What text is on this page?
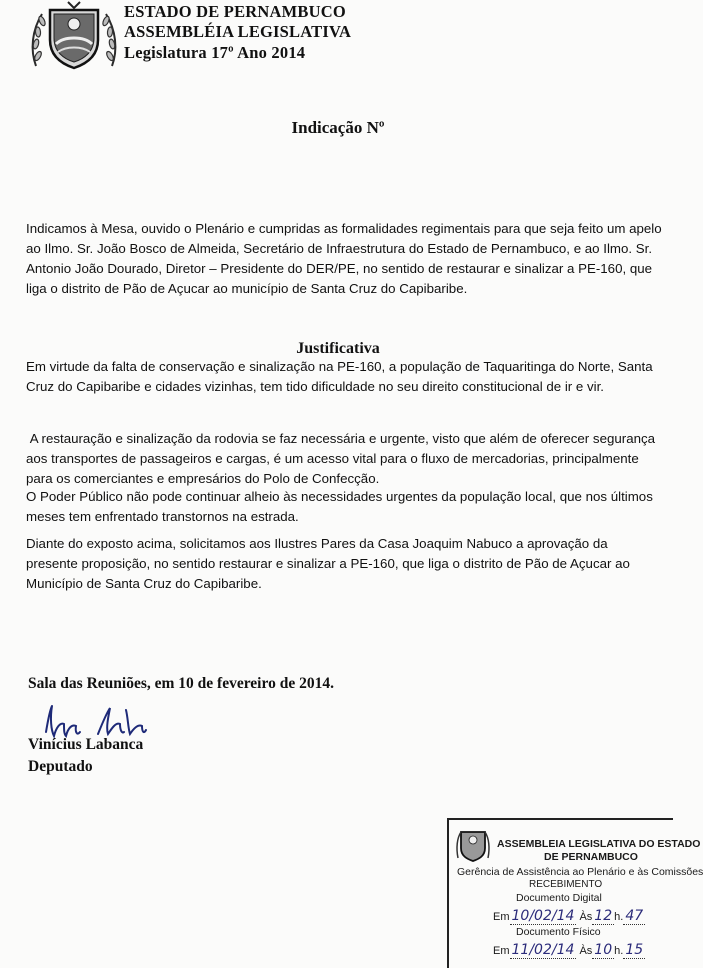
ESTADO DE PERNAMBUCO
ASSEMBLÉIA LEGISLATIVA
Legislatura 17º Ano 2014
Indicação Nº
Indicamos à Mesa, ouvido o Plenário e cumpridas as formalidades regimentais para que seja feito um apelo ao Ilmo. Sr. João Bosco de Almeida, Secretário de Infraestrutura do Estado de Pernambuco, e ao Ilmo. Sr. Antonio João Dourado, Diretor – Presidente do DER/PE, no sentido de restaurar e sinalizar a PE-160, que liga o distrito de Pão de Açucar ao município de Santa Cruz do Capibaribe.
Justificativa
Em virtude da falta de conservação e sinalização na PE-160, a população de Taquaritinga do Norte, Santa Cruz do Capibaribe e cidades vizinhas, tem tido dificuldade no seu direito constitucional de ir e vir.
A restauração e sinalização da rodovia se faz necessária e urgente, visto que além de oferecer segurança aos transportes de passageiros e cargas, é um acesso vital para o fluxo de mercadorias, principalmente para os comerciantes e empresários do Polo de Confecção.
O Poder Público não pode continuar alheio às necessidades urgentes da população local, que nos últimos meses tem enfrentado transtornos na estrada.
Diante do exposto acima, solicitamos aos Ilustres Pares da Casa Joaquim Nabuco a aprovação da presente proposição, no sentido restaurar e sinalizar a PE-160, que liga o distrito de Pão de Açucar ao Município de Santa Cruz do Capibaribe.
Sala das Reuniões, em 10 de fevereiro de 2014.
Vinícius Labanca
Deputado
ASSEMBLEIA LEGISLATIVA DO ESTADO
DE PERNAMBUCO
Gerência de Assistência ao Plenário e às Comissões
RECEBIMENTO
Documento Digital
Em 10/02/14 Às 12 h. 47
Documento Físico
Em 11/02/14 Às 10 h. 15
